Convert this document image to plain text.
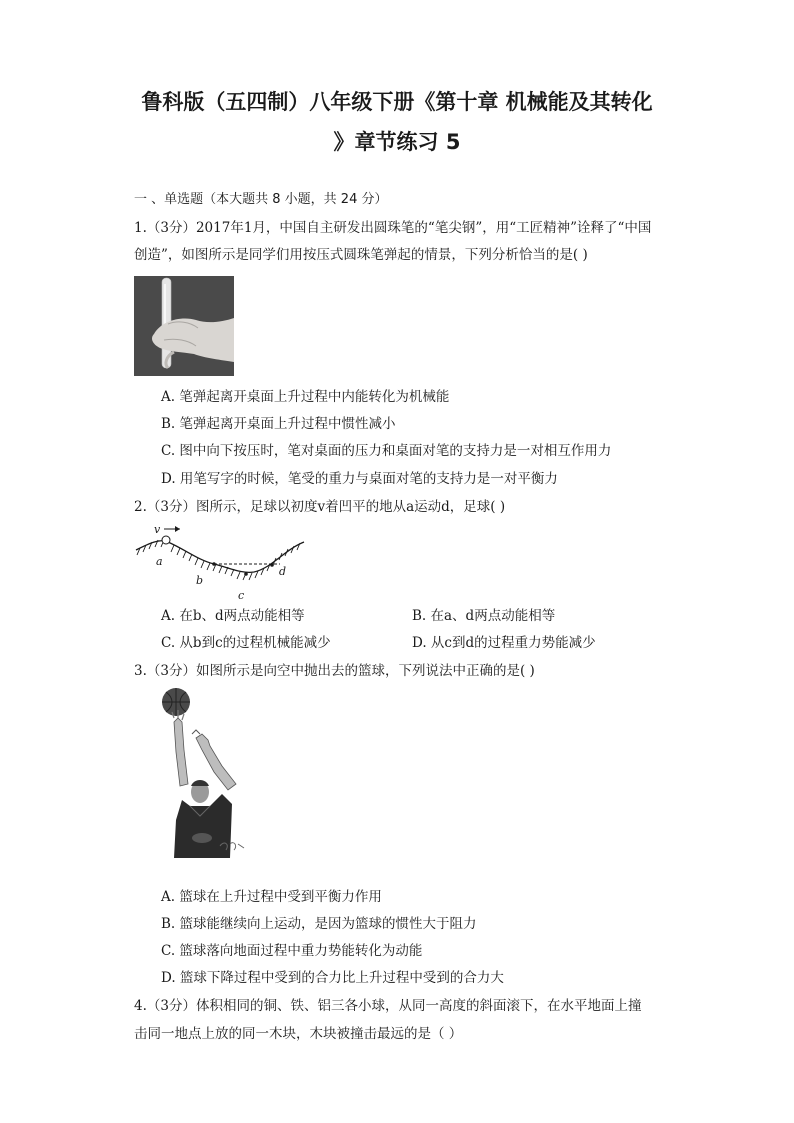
鲁科版（五四制）八年级下册《第十章 机械能及其转化
》章节练习 5
一 、单选题（本大题共 8 小题，共 24 分）
1.（3分）2017年1月，中国自主研发出圆珠笔的“笔尖钢”，用“工匠精神”诠释了“中国
创造”，如图所示是同学们用按压式圆珠笔弹起的情景，下列分析恰当的是( )
A. 笔弹起离开桌面上升过程中内能转化为机械能
B. 笔弹起离开桌面上升过程中惯性减小
C. 图中向下按压时，笔对桌面的压力和桌面对笔的支持力是一对相互作用力
D. 用笔写字的时候，笔受的重力与桌面对笔的支持力是一对平衡力
2.（3分）图所示，足球以初度v着凹平的地从a运动d，足球( )
v
a
b
c
d
A. 在b、d两点动能相等	B. 在a、d两点动能相等
C. 从b到c的过程机械能减少	D. 从c到d的过程重力势能减少
3.（3分）如图所示是向空中抛出去的篮球，下列说法中正确的是( )
A. 篮球在上升过程中受到平衡力作用
B. 篮球能继续向上运动，是因为篮球的惯性大于阻力
C. 篮球落向地面过程中重力势能转化为动能
D. 篮球下降过程中受到的合力比上升过程中受到的合力大
4.（3分）体积相同的铜、铁、铝三各小球，从同一高度的斜面滚下，在水平地面上撞
击同一地点上放的同一木块，木块被撞击最远的是（ ）
